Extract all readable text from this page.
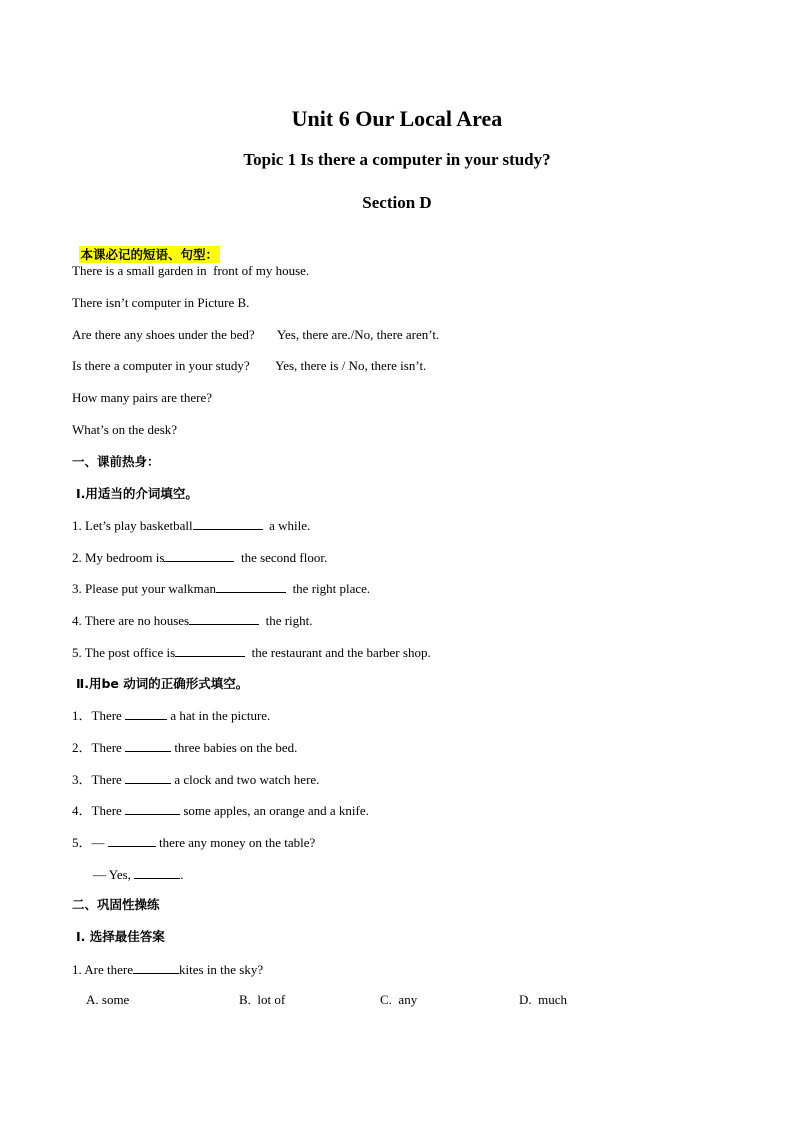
Unit 6 Our Local Area
Topic 1 Is there a computer in your study?
Section D

本课必记的短语、句型：

There is a small garden in  front of my house.
There isn’t computer in Picture B.
Are there any shoes under the bed?       Yes, there are./No, there aren’t.
Is there a computer in your study?        Yes, there is / No, there isn’t.
How many pairs are there?
What’s on the desk?
一、课前热身：
Ⅰ.用适当的介词填空。
1. Let’s play basketball	a while.
2. My bedroom is	the second floor.
3. Please put your walkman	the right place.
4. There are no houses	the right.
5. The post office is	the restaurant and the barber shop.
Ⅱ.用be 动词的正确形式填空。
1．There	a hat in the picture.
2．There	three babies on the bed.
3．There	a clock and two watch here.
4．There	some apples, an orange and a knife.
5．—	there any money on the table?
— Yes,	.
二、巩固性操练
Ⅰ. 选择最佳答案
1. Are there	kites in the sky?
A. some	B.  lot of	C.  any	D.  much
